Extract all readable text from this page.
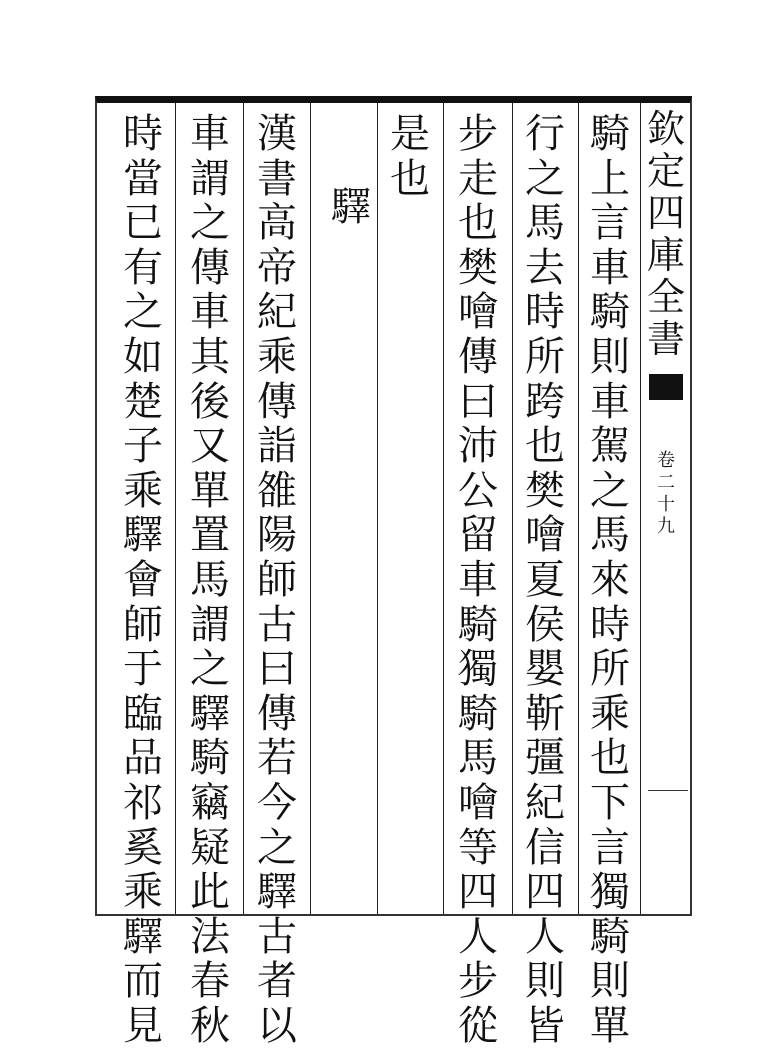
欽
定
四
庫
全
書
卷
二
十
九
騎
上
言
車
騎
則
車
駕
之
馬
來
時
所
乘
也
下
言
獨
騎
則
單
行
之
馬
去
時
所
跨
也
樊
噲
夏
侯
嬰
靳
彊
紀
信
四
人
則
皆
步
走
也
樊
噲
傳
曰
沛
公
留
車
騎
獨
騎
馬
噲
等
四
人
步
從
是
也
漢
書
高
帝
紀
乘
傳
詣
雒
陽
師
古
曰
傳
若
今
之
驛
古
者
以
車
謂
之
傳
車
其
後
又
單
置
馬
謂
之
驛
騎
竊
疑
此
法
春
秋
時
當
已
有
之
如
楚
子
乘
驛
會
師
于
臨
品
祁
奚
乘
驛
而
見
驛
